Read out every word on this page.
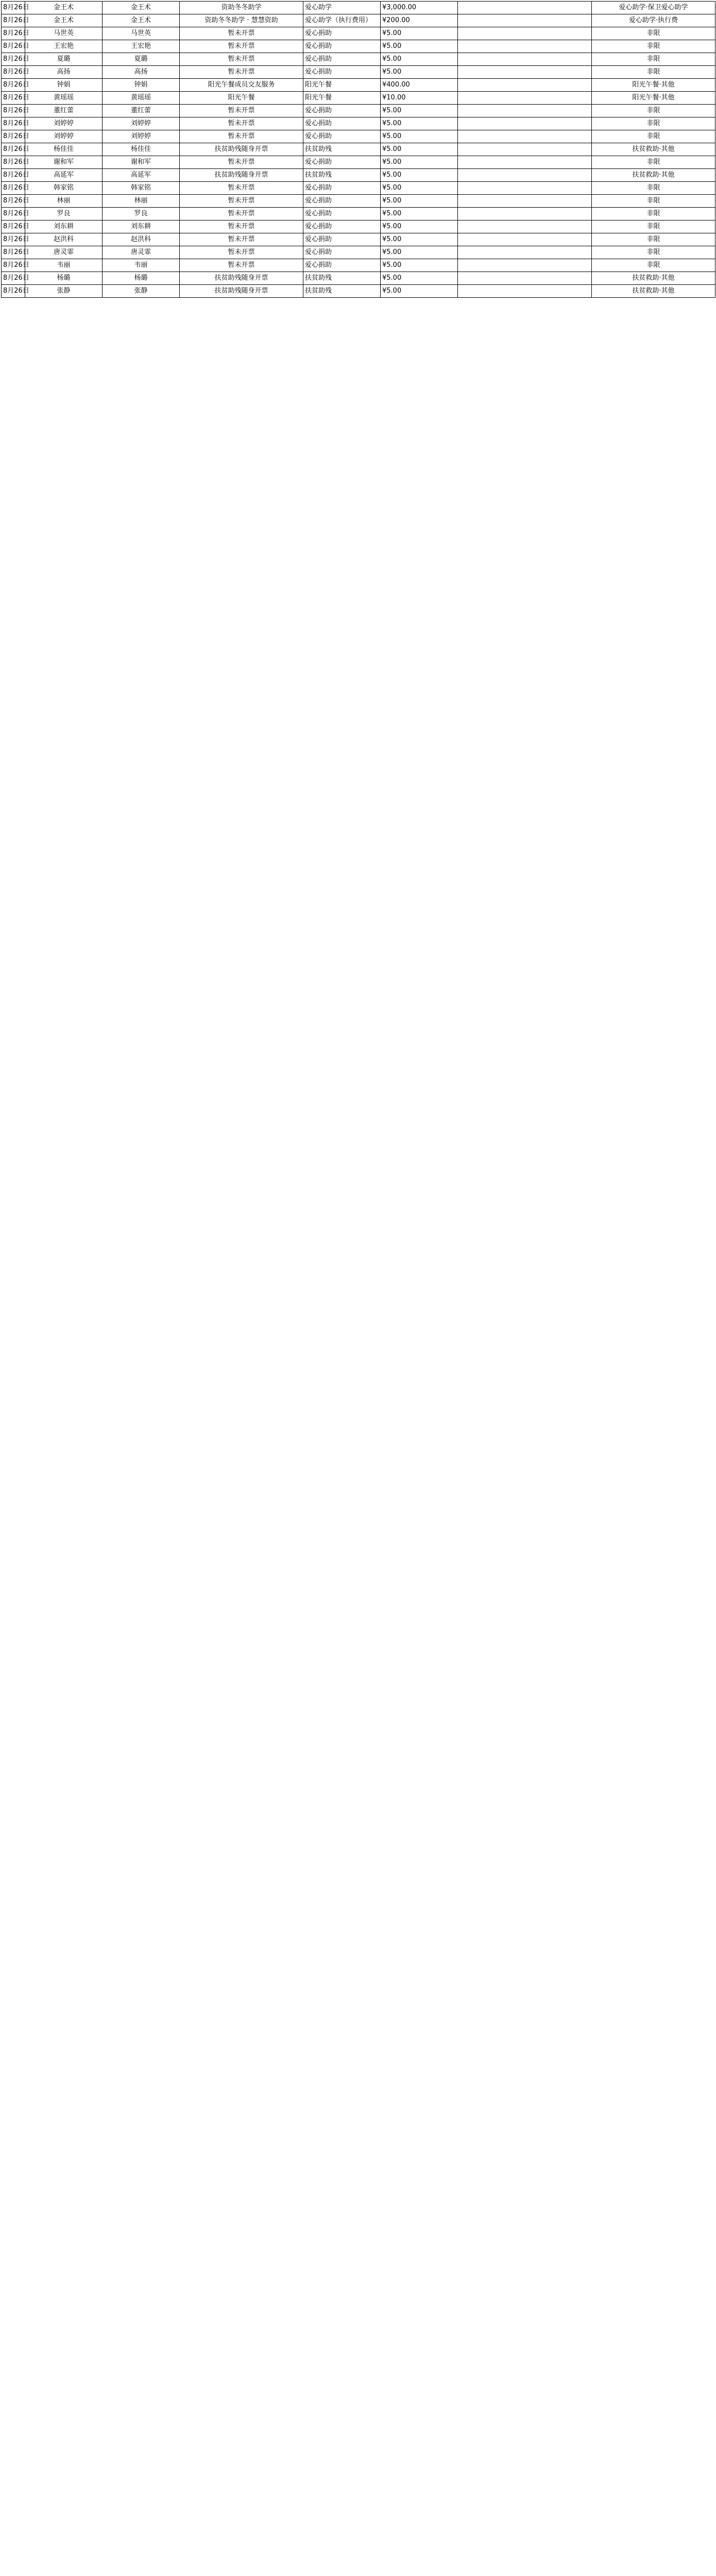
8月26日	金王术	金王术	资助冬冬助学	爱心助学	¥3,000.00		爱心助学·保卫爱心助学
8月26日	金王术	金王术	资助冬冬助学 · 慧慧资助	爱心助学（执行费用）	¥200.00		爱心助学·执行费
8月26日	马世英	马世英	暂未开票	爱心捐助	¥5.00		非限
8月26日	王宏艳	王宏艳	暂未开票	爱心捐助	¥5.00		非限
8月26日	夏璐	夏璐	暂未开票	爱心捐助	¥5.00		非限
8月26日	高扬	高扬	暂未开票	爱心捐助	¥5.00		非限
8月26日	钟娟	钟娟	阳光午餐成员交友服务	阳光午餐	¥400.00		阳光午餐·其他
8月26日	黄瑶瑶	黄瑶瑶	阳光午餐	阳光午餐	¥10.00		阳光午餐·其他
8月26日	董红蕾	董红蕾	暂未开票	爱心捐助	¥5.00		非限
8月26日	刘婷婷	刘婷婷	暂未开票	爱心捐助	¥5.00		非限
8月26日	刘婷婷	刘婷婷	暂未开票	爱心捐助	¥5.00		非限
8月26日	杨佳佳	杨佳佳	扶贫助残随身开票	扶贫助残	¥5.00		扶贫救助·其他
8月26日	谢和军	谢和军	暂未开票	爱心捐助	¥5.00		非限
8月26日	高延军	高延军	扶贫助残随身开票	扶贫助残	¥5.00		扶贫救助·其他
8月26日	韩家铭	韩家铭	暂未开票	爱心捐助	¥5.00		非限
8月26日	林丽	林丽	暂未开票	爱心捐助	¥5.00		非限
8月26日	罗良	罗良	暂未开票	爱心捐助	¥5.00		非限
8月26日	刘东耕	刘东耕	暂未开票	爱心捐助	¥5.00		非限
8月26日	赵洪科	赵洪科	暂未开票	爱心捐助	¥5.00		非限
8月26日	唐灵霏	唐灵霏	暂未开票	爱心捐助	¥5.00		非限
8月26日	韦丽	韦丽	暂未开票	爱心捐助	¥5.00		非限
8月26日	杨璐	杨璐	扶贫助残随身开票	扶贫助残	¥5.00		扶贫救助·其他
8月26日	张静	张静	扶贫助残随身开票	扶贫助残	¥5.00		扶贫救助·其他
